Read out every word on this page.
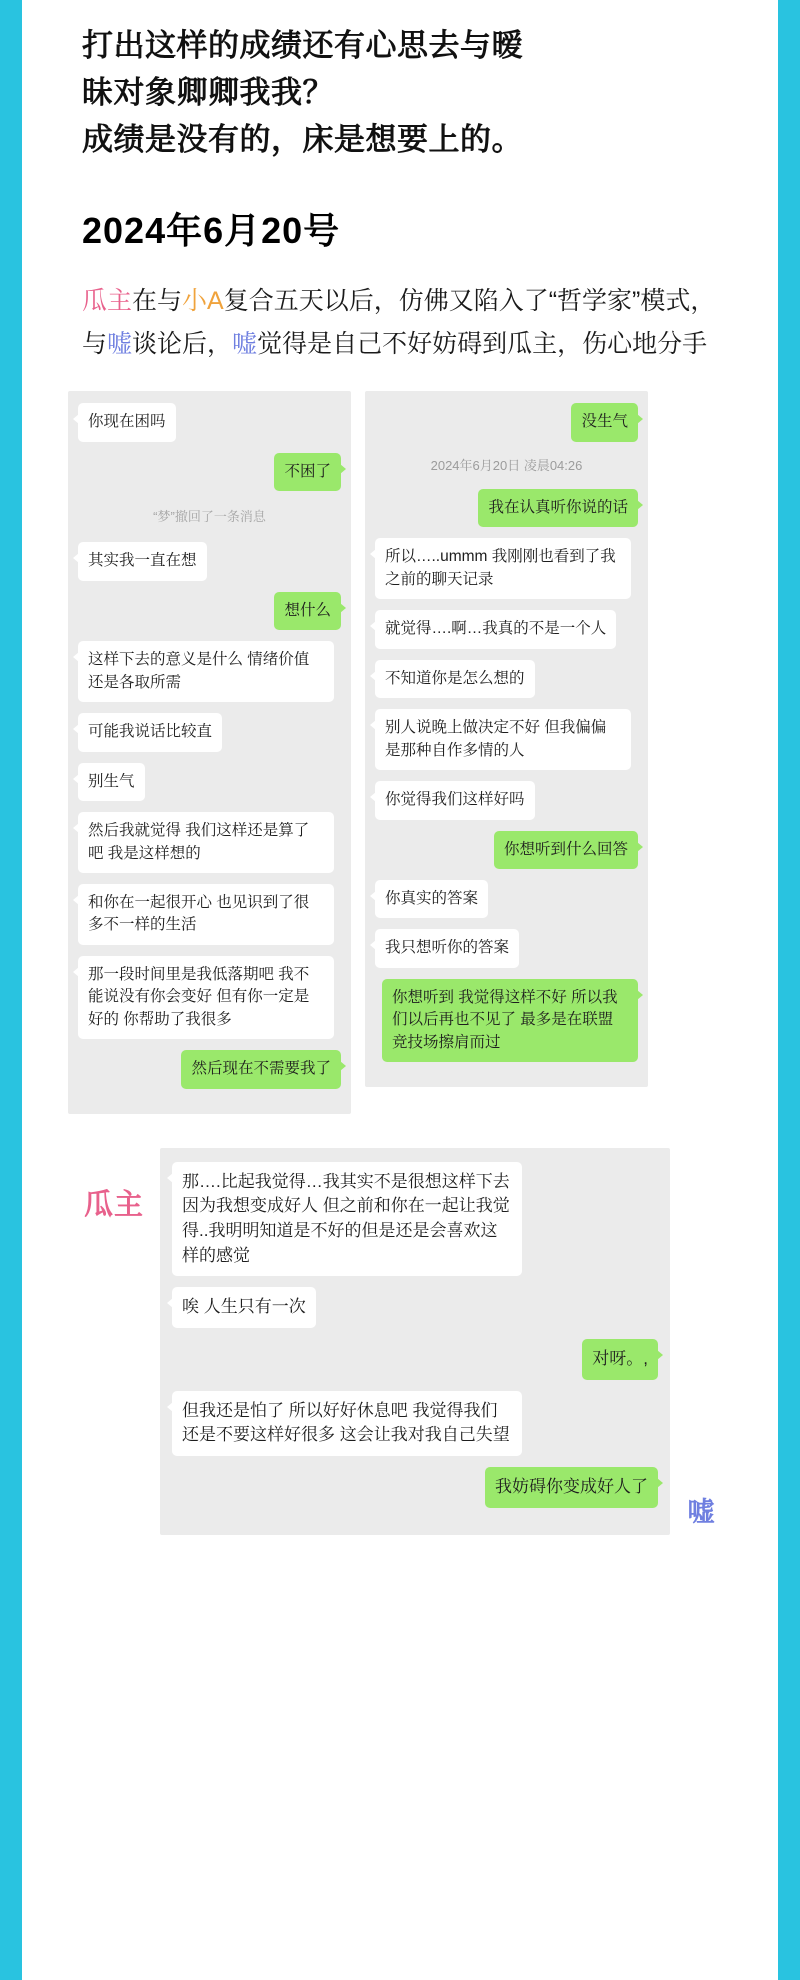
打出这样的成绩还有心思去与暧
昧对象卿卿我我？
成绩是没有的，床是想要上的。
2024年6月20号
瓜主在与小A复合五天以后，仿佛又陷入了“哲学家”模式，与嘘谈论后，嘘觉得是自己不好妨碍到瓜主，伤心地分手
你现在困吗
不困了
“梦”撤回了一条消息
其实我一直在想
想什么
这样下去的意义是什么 情绪价值还是各取所需
可能我说话比较直
别生气
然后我就觉得 我们这样还是算了吧 我是这样想的
和你在一起很开心 也见识到了很多不一样的生活
那一段时间里是我低落期吧 我不能说没有你会变好 但有你一定是好的 你帮助了我很多
然后现在不需要我了
没生气
2024年6月20日 凌晨04:26
我在认真听你说的话
所以…..ummm 我刚刚也看到了我之前的聊天记录
就觉得….啊…我真的不是一个人
不知道你是怎么想的
别人说晚上做决定不好 但我偏偏是那种自作多情的人
你觉得我们这样好吗
你想听到什么回答
你真实的答案
我只想听你的答案
你想听到 我觉得这样不好 所以我们以后再也不见了 最多是在联盟竞技场擦肩而过
瓜主
那….比起我觉得…我其实不是很想这样下去 因为我想变成好人 但之前和你在一起让我觉得..我明明知道是不好的但是还是会喜欢这样的感觉
唉 人生只有一次
对呀。,
但我还是怕了 所以好好休息吧 我觉得我们还是不要这样好很多 这会让我对我自己失望
我妨碍你变成好人了
嘘
